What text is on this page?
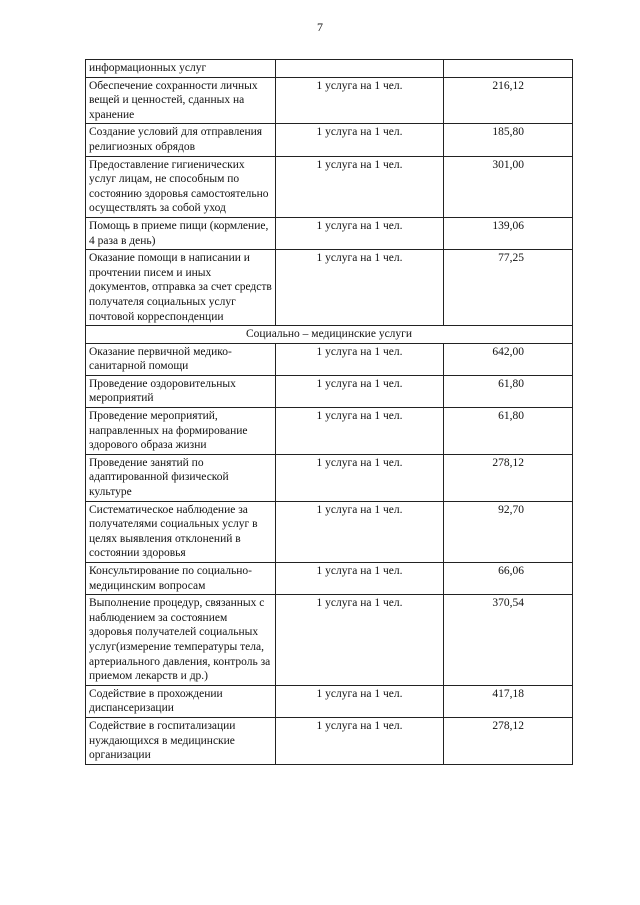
7
информационных услуг		
Обеспечение сохранности личных вещей и ценностей, сданных на хранение	1 услуга на 1 чел.	216,12
Создание условий для отправления религиозных обрядов	1 услуга на 1 чел.	185,80
Предоставление гигиенических услуг лицам, не способным по состоянию здоровья самостоятельно осуществлять за собой уход	1 услуга на 1 чел.	301,00
Помощь в приеме пищи (кормление, 4 раза в день)	1 услуга на 1 чел.	139,06
Оказание помощи в написании и прочтении писем и иных документов, отправка за счет средств получателя социальных услуг почтовой корреспонденции	1 услуга на 1 чел.	77,25
Социально – медицинские услуги		
Оказание первичной медико-санитарной помощи	1 услуга на 1 чел.	642,00
Проведение оздоровительных мероприятий	1 услуга на 1 чел.	61,80
Проведение мероприятий, направленных на формирование здорового образа жизни	1 услуга на 1 чел.	61,80
Проведение занятий по адаптированной физической культуре	1 услуга на 1 чел.	278,12
Систематическое наблюдение за получателями социальных услуг в целях выявления отклонений в состоянии здоровья	1 услуга на 1 чел.	92,70
Консультирование по социально-медицинским вопросам	1 услуга на 1 чел.	66,06
Выполнение процедур, связанных с наблюдением за состоянием здоровья получателей социальных услуг(измерение температуры тела, артериального давления, контроль за приемом лекарств и др.)	1 услуга на 1 чел.	370,54
Содействие в прохождении диспансеризации	1 услуга на 1 чел.	417,18
Содействие в госпитализации нуждающихся в медицинские организации	1 услуга на 1 чел.	278,12
